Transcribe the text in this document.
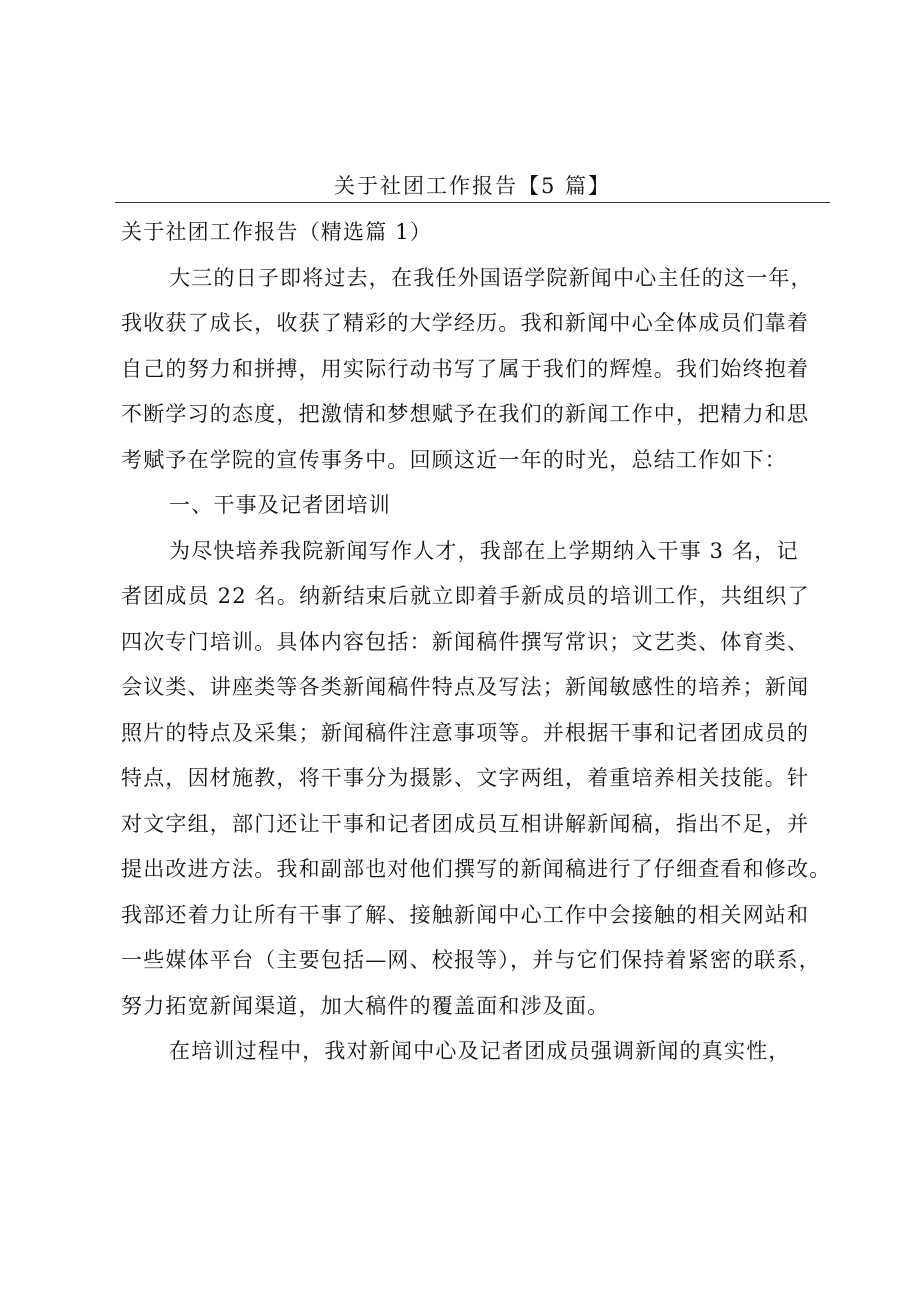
关于社团工作报告【5 篇】
关于社团工作报告（精选篇 1）
大三的日子即将过去，在我任外国语学院新闻中心主任的这一年，
我收获了成长，收获了精彩的大学经历。我和新闻中心全体成员们靠着
自己的努力和拼搏，用实际行动书写了属于我们的辉煌。我们始终抱着
不断学习的态度，把激情和梦想赋予在我们的新闻工作中，把精力和思
考赋予在学院的宣传事务中。回顾这近一年的时光，总结工作如下：
一、干事及记者团培训
为尽快培养我院新闻写作人才，我部在上学期纳入干事 3 名，记
者团成员 22 名。纳新结束后就立即着手新成员的培训工作，共组织了
四次专门培训。具体内容包括：新闻稿件撰写常识；文艺类、体育类、
会议类、讲座类等各类新闻稿件特点及写法；新闻敏感性的培养；新闻
照片的特点及采集；新闻稿件注意事项等。并根据干事和记者团成员的
特点，因材施教，将干事分为摄影、文字两组，着重培养相关技能。针
对文字组，部门还让干事和记者团成员互相讲解新闻稿，指出不足，并
提出改进方法。我和副部也对他们撰写的新闻稿进行了仔细查看和修改。
我部还着力让所有干事了解、接触新闻中心工作中会接触的相关网站和
一些媒体平台（主要包括—网、校报等），并与它们保持着紧密的联系，
努力拓宽新闻渠道，加大稿件的覆盖面和涉及面。
在培训过程中，我对新闻中心及记者团成员强调新闻的真实性，
